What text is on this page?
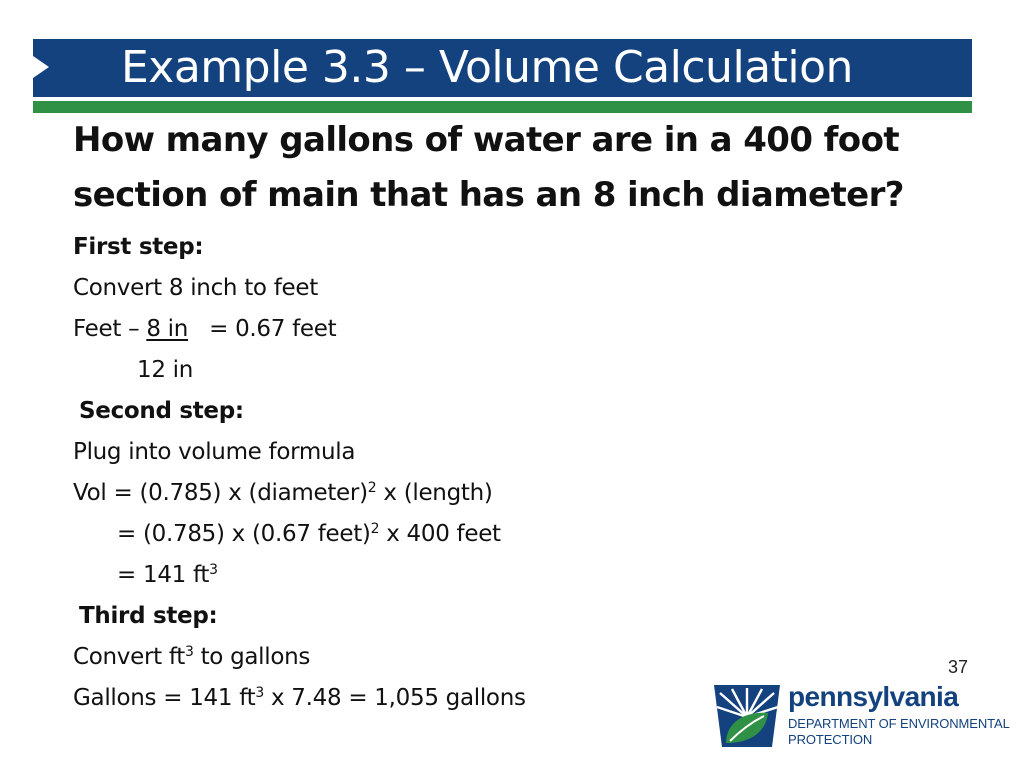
Example 3.3 – Volume Calculation

How many gallons of water are in a 400 foot section of main that has an 8 inch diameter?

First step:
Convert 8 inch to feet
Feet – 8 in = 0.67 feet
12 in
Second step:
Plug into volume formula
Vol = (0.785) x (diameter)$^2$ x (length)
= (0.785) x (0.67 feet)$^2$ x 400 feet
= 141 $ft^3$
Third step:
Convert $ft^3$ to gallons
Gallons = 141 $ft^3$ x 7.48 = 1,055 gallons
37
pennsylvania
DEPARTMENT OF ENVIRONMENTAL
PROTECTION
